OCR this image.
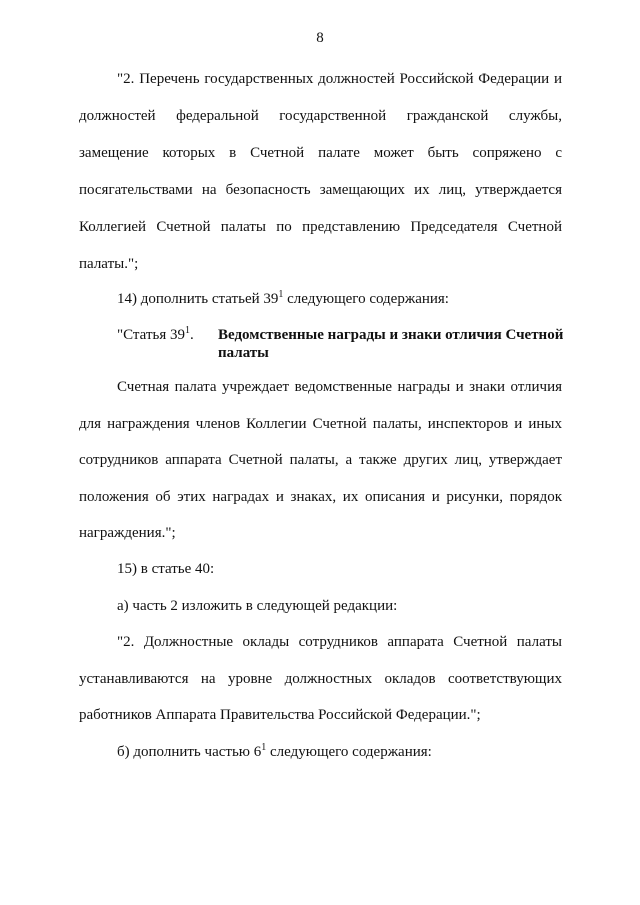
8
"2. Перечень государственных должностей Российской Федерации и
должностей федеральной государственной гражданской службы,
замещение которых в Счетной палате может быть сопряжено с
посягательствами на безопасность замещающих их лиц, утверждается
Коллегией Счетной палаты по представлению Председателя Счетной
палаты.";
14) дополнить статьей $39^1$ следующего содержания:
"Статья $39^1$. Ведомственные награды и знаки отличия Счетной
палаты
Счетная палата учреждает ведомственные награды и знаки отличия
для награждения членов Коллегии Счетной палаты, инспекторов и иных
сотрудников аппарата Счетной палаты, а также других лиц, утверждает
положения об этих наградах и знаках, их описания и рисунки, порядок
награждения.";
15) в статье 40:
а) часть 2 изложить в следующей редакции:
"2. Должностные оклады сотрудников аппарата Счетной палаты
устанавливаются на уровне должностных окладов соответствующих
работников Аппарата Правительства Российской Федерации.";
б) дополнить частью $6^1$ следующего содержания:
